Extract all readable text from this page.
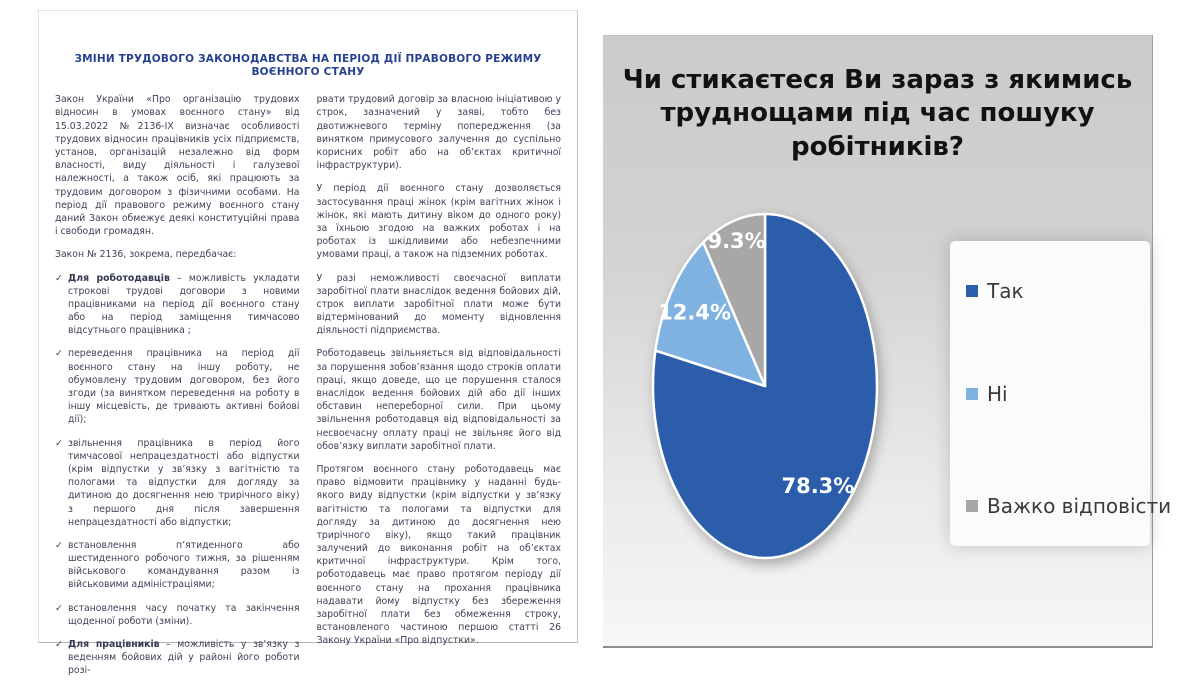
ЗМІНИ ТРУДОВОГО ЗАКОНОДАВСТВА НА ПЕРІОД ДІЇ ПРАВОВОГО РЕЖИМУ ВОЄННОГО СТАНУ

Закон України «Про організацію трудових відносин в умовах воєнного стану» від 15.03.2022 №2136-ІХ визначає особливості трудових відносин працівників усіх підприємств, установ, організацій незалежно від форм власності, виду діяльності і галузевої належності, а також осіб, які працюють за трудовим договором з фізичними особами. На період дії правового режиму воєнного стану даний Закон обмежує деякі конституційні права і свободи громадян.

Закон № 2136, зокрема, передбачає:

✓ Для роботодавців – можливість укладати строкові трудові договори з новими працівниками на період дії воєнного стану або на період заміщення тимчасово відсутнього працівника ;
✓ переведення працівника на період дії воєнного стану на іншу роботу, не обумовлену трудовим договором, без його згоди (за винятком переведення на роботу в іншу місцевість, де тривають активні бойові дії);
✓ звільнення працівника в період його тимчасової непрацездатності або відпустки (крім відпустки у зв’язку з вагітністю та пологами та відпустки для догляду за дитиною до досягнення нею трирічного віку) з першого дня після завершення непрацездатності або відпустки;
✓ встановлення п’ятиденного або шестиденного робочого тижня, за рішенням військового командування разом із військовими адміністраціями;
✓ встановлення часу початку та закінчення щоденної роботи (зміни).
✓ Для працівників – можливість у зв’язку з веденням бойових дій у районі його роботи розі-

рвати трудовий договір за власною ініціативою у строк, зазначений у заяві, тобто без двотижневого терміну попередження (за винятком примусового залучення до суспільно корисних робіт або на об’єктах критичної інфраструктури).

У період дії воєнного стану дозволяється застосування праці жінок (крім вагітних жінок і жінок, які мають дитину віком до одного року) за їхньою згодою на важких роботах і на роботах із шкідливими або небезпечними умовами праці, а також на підземних роботах.

У разі неможливості своєчасної виплати заробітної плати внаслідок ведення бойових дій, строк виплати заробітної плати може бути відтермінований до моменту відновлення діяльності підприємства.

Роботодавець звільняється від відповідальності за порушення зобов’язання щодо строків оплати праці, якщо доведе, що це порушення сталося внаслідок ведення бойових дій або дії інших обставин непереборної сили. При цьому звільнення роботодавця від відповідальності за несвоєчасну оплату праці не звільняє його від обов’язку виплати заробітної плати.

Протягом воєнного стану роботодавець має право відмовити працівнику у наданні будь-якого виду відпустки (крім відпустки у зв’язку вагітністю та пологами та відпустки для догляду за дитиною до досягнення нею трирічного віку), якщо такий працівник залучений до виконання робіт на об’єктах критичної інфраструктури. Крім того, роботодавець має право протягом періоду дії воєнного стану на прохання працівника надавати йому відпустку без збереження заробітної плати без обмеження строку, встановленого частиною першою статті 26 Закону України «Про відпустки».

Чи стикаєтеся Ви зараз з якимись
труднощами під час пошуку робітників?
78.3%
12.4%
9.3%
Так
Ні
Важко відповісти
